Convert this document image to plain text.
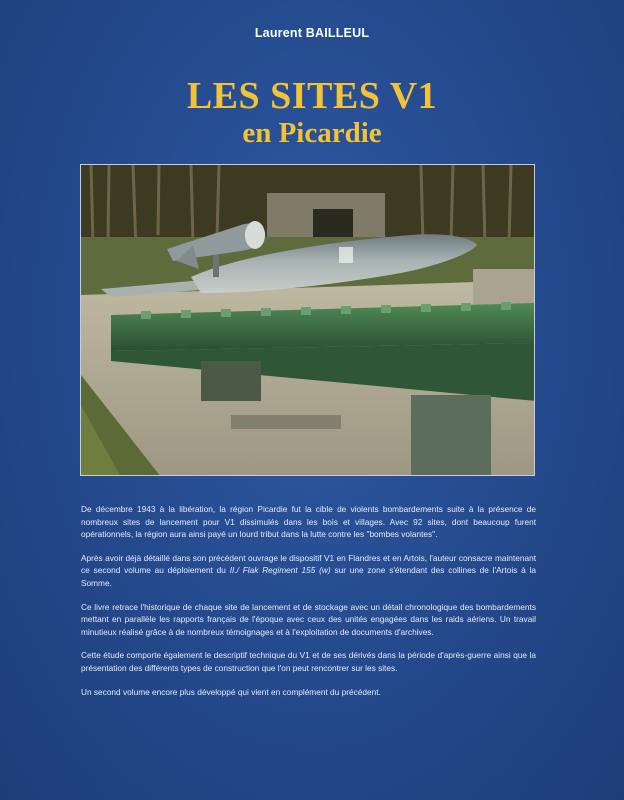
Laurent BAILLEUL
LES SITES V1
en Picardie

De décembre 1943 à la libération, la région Picardie fut la cible de violents bombardements suite à la présence de nombreux sites de lancement pour V1 dissimulés dans les bois et villages. Avec 92 sites, dont beaucoup furent opérationnels, la région aura ainsi payé un lourd tribut dans la lutte contre les "bombes volantes".

Après avoir déjà détaillé dans son précédent ouvrage le dispositif V1 en Flandres et en Artois, l'auteur consacre maintenant ce second volume au déploiement du II./ Flak Regiment 155 (w) sur une zone s'étendant des collines de l'Artois à la Somme.

Ce livre retrace l'historique de chaque site de lancement et de stockage avec un détail chronologique des bombardements mettant en parallèle les rapports français de l'époque avec ceux des unités engagées dans les raids aériens. Un travail minutieux réalisé grâce à de nombreux témoignages et à l'exploitation de documents d'archives.

Cette étude comporte également le descriptif technique du V1 et de ses dérivés dans la période d'après-guerre ainsi que la présentation des différents types de construction que l'on peut rencontrer sur les sites.

Un second volume encore plus développé qui vient en complément du précédent.
